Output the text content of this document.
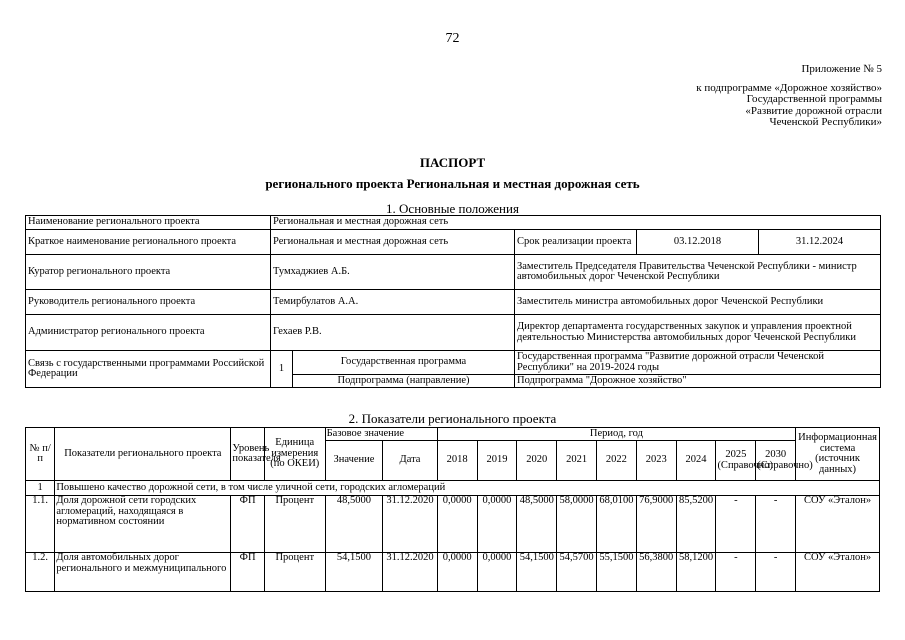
72
Приложение № 5
к подпрограмме «Дорожное хозяйство»
Государственной программы
«Развитие дорожной отрасли
Чеченской Республики»
ПАСПОРТ
регионального проекта Региональная и местная дорожная сеть
1. Основные положения
Наименование регионального проекта	Региональная и местная дорожная сеть				
Краткое наименование регионального проекта	Региональная и местная дорожная сеть		Срок реализации проекта	03.12.2018	31.12.2024
Куратор регионального проекта	Тумхаджиев А.Б.		Заместитель Председателя Правительства Чеченской Республики - министр автомобильных дорог Чеченской Республики		
Руководитель регионального проекта	Темирбулатов А.А.		Заместитель министра автомобильных дорог Чеченской Республики		
Администратор регионального проекта	Гехаев Р.В.		Директор департамента государственных закупок и управления проектной деятельностью Министерства автомобильных дорог Чеченской Республики		
Связь с государственными программами Российской Федерации	1	Государственная программа	Государственная программа "Развитие дорожной отрасли Чеченской Республики" на 2019-2024 годы		
		Подпрограмма (направление)	Подпрограмма "Дорожное хозяйство"		
2. Показатели регионального проекта
№ п/п	Показатели регионального проекта	Уровень показателя	Единица измерения (по ОКЕИ)	Базовое значение		Период, год									Информационная система (источник данных)
				Значение	Дата	2018	2019	2020	2021	2022	2023	2024	2025 (Справочно)	2030 (Справочно)	
1	Повышено качество дорожной сети, в том числе уличной сети, городских агломераций														
1.1.	Доля дорожной сети городских агломераций, находящаяся в нормативном состоянии	ФП	Процент	48,5000	31.12.2020	0,0000	0,0000	48,5000	58,0000	68,0100	76,9000	85,5200	-	-	СОУ «Эталон»
1.2.	Доля автомобильных дорог регионального и межмуниципального	ФП	Процент	54,1500	31.12.2020	0,0000	0,0000	54,1500	54,5700	55,1500	56,3800	58,1200	-	-	СОУ «Эталон»
